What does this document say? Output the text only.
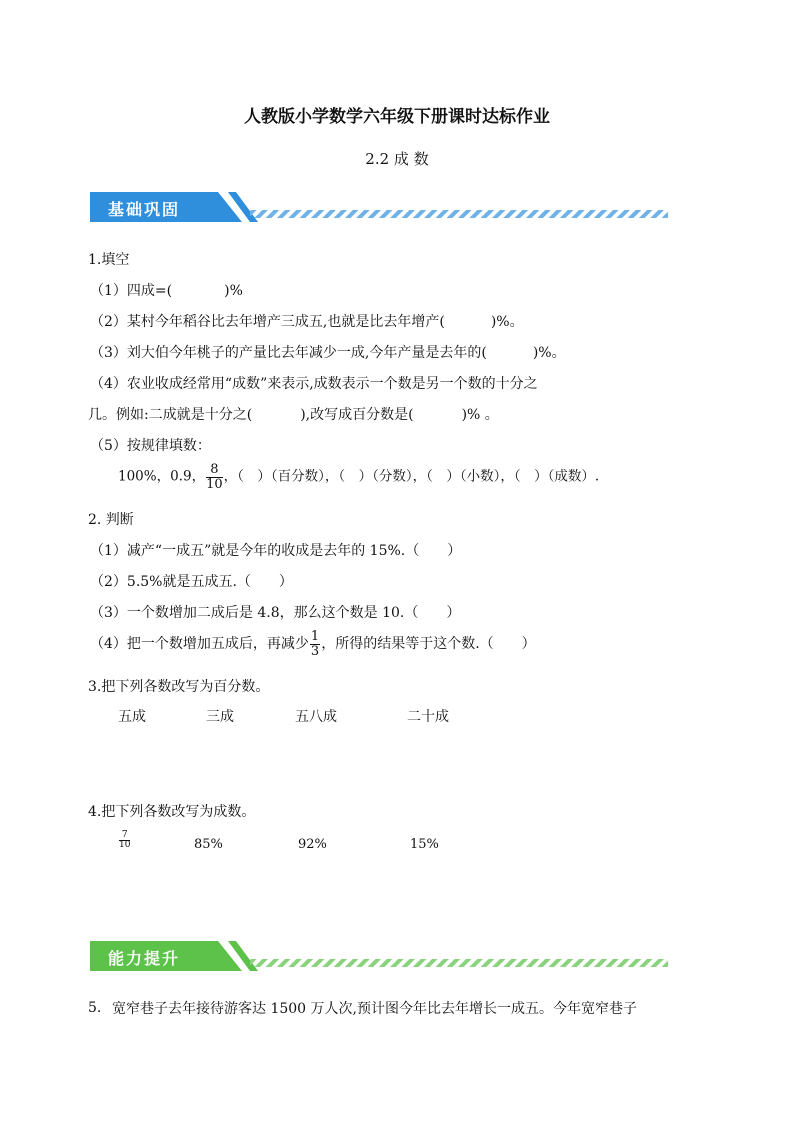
人教版小学数学六年级下册课时达标作业
2.2 成 数
基础巩固
1.填空
（1）四成=(	)%
（2）某村今年稻谷比去年增产三成五,也就是比去年增产(	)%。
（3）刘大伯今年桃子的产量比去年减少一成,今年产量是去年的(	)%。
（4）农业收成经常用“成数”来表示,成数表示一个数是另一个数的十分之
几。例如:二成就是十分之(	),改写成百分数是(	)% 。
（5）按规律填数：
100%，0.9， $\frac{8}{10}$ ，（　）（百分数），（　）（分数），（　）（小数），（　）（成数）.
2. 判断
（1）减产“一成五”就是今年的收成是去年的 15%.（　　）
（2）5.5%就是五成五.（　　）
（3）一个数增加二成后是 4.8，那么这个数是 10.（　　）
（4）把一个数增加五成后，再减少 $\frac{1}{3}$ ，所得的结果等于这个数.（　　）
3.把下列各数改写为百分数。
五成	三成	五八成	二十成
4.把下列各数改写为成数。
$\frac{7}{10}$	85%	92%	15%
能力提升
5. 宽窄巷子去年接待游客达 1500 万人次,预计图今年比去年增长一成五。今年宽窄巷子
